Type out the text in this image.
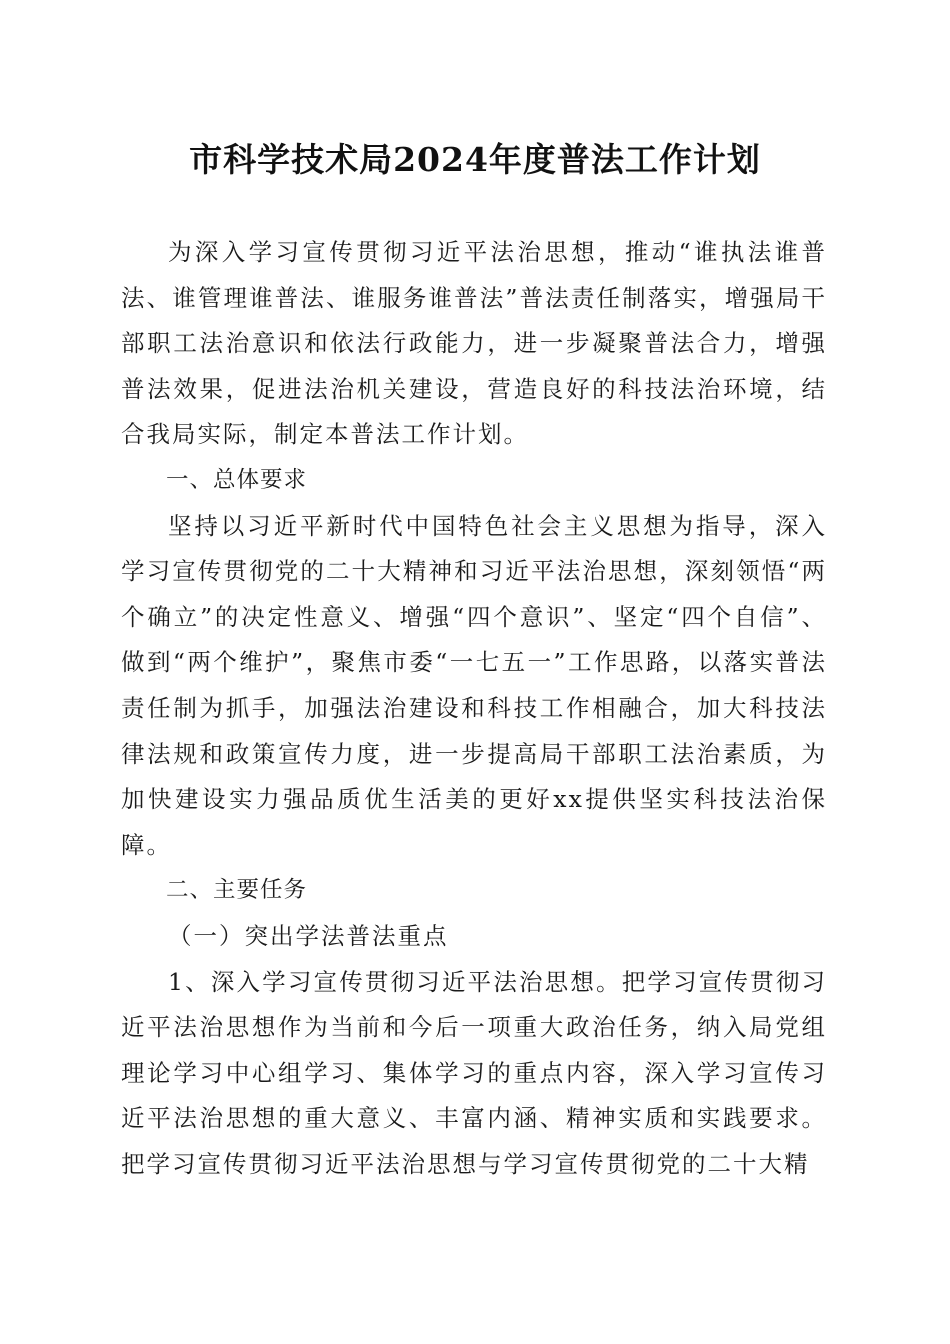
市科学技术局2024年度普法工作计划

为深入学习宣传贯彻习近平法治思想，推动“谁执法谁普法、谁管理谁普法、谁服务谁普法”普法责任制落实，增强局干部职工法治意识和依法行政能力，进一步凝聚普法合力，增强普法效果，促进法治机关建设，营造良好的科技法治环境，结合我局实际，制定本普法工作计划。

一、总体要求

坚持以习近平新时代中国特色社会主义思想为指导，深入学习宣传贯彻党的二十大精神和习近平法治思想，深刻领悟“两个确立”的决定性意义、增强“四个意识”、坚定“四个自信”、做到“两个维护”，聚焦市委“一七五一”工作思路，以落实普法责任制为抓手，加强法治建设和科技工作相融合，加大科技法律法规和政策宣传力度，进一步提高局干部职工法治素质，为加快建设实力强品质优生活美的更好xx提供坚实科技法治保障。

二、主要任务

（一）突出学法普法重点

1、深入学习宣传贯彻习近平法治思想。把学习宣传贯彻习近平法治思想作为当前和今后一项重大政治任务，纳入局党组理论学习中心组学习、集体学习的重点内容，深入学习宣传习近平法治思想的重大意义、丰富内涵、精神实质和实践要求。把学习宣传贯彻习近平法治思想与学习宣传贯彻党的二十大精
